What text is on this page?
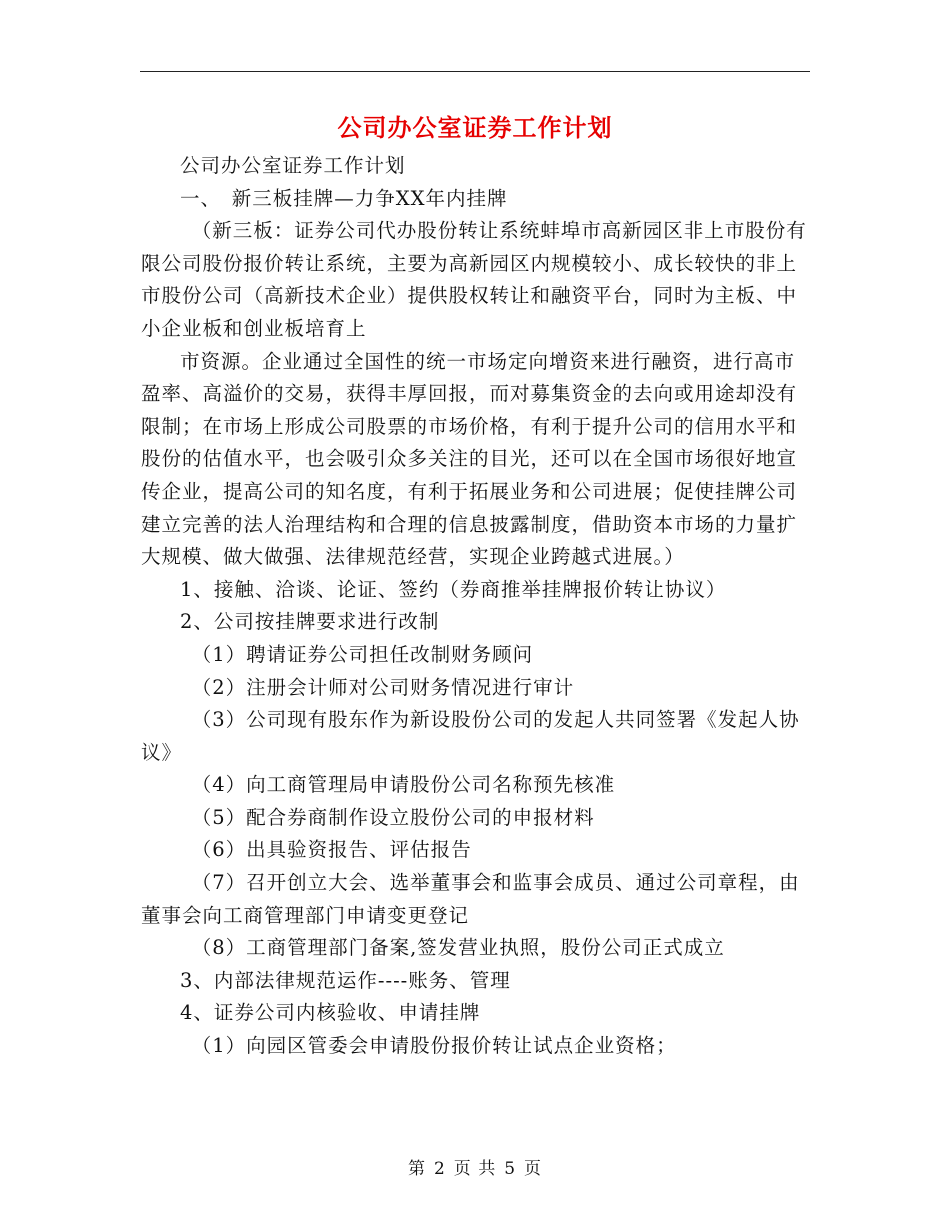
公司办公室证券工作计划

公司办公室证券工作计划

一、　新三板挂牌—力争XX年内挂牌

（新三板：证券公司代办股份转让系统蚌埠市高新园区非上市股份有限公司股份报价转让系统，主要为高新园区内规模较小、成长较快的非上市股份公司（高新技术企业）提供股权转让和融资平台，同时为主板、中小企业板和创业板培育上

市资源。企业通过全国性的统一市场定向增资来进行融资，进行高市盈率、高溢价的交易，获得丰厚回报，而对募集资金的去向或用途却没有限制；在市场上形成公司股票的市场价格，有利于提升公司的信用水平和股份的估值水平，也会吸引众多关注的目光，还可以在全国市场很好地宣传企业，提高公司的知名度，有利于拓展业务和公司进展；促使挂牌公司建立完善的法人治理结构和合理的信息披露制度，借助资本市场的力量扩大规模、做大做强、法律规范经营，实现企业跨越式进展。）

1、接触、洽谈、论证、签约（券商推举挂牌报价转让协议）

2、公司按挂牌要求进行改制

（1）聘请证券公司担任改制财务顾问

（2）注册会计师对公司财务情况进行审计

（3）公司现有股东作为新设股份公司的发起人共同签署《发起人协议》

（4）向工商管理局申请股份公司名称预先核准

（5）配合券商制作设立股份公司的申报材料

（6）出具验资报告、评估报告

（7）召开创立大会、选举董事会和监事会成员、通过公司章程，由董事会向工商管理部门申请变更登记

（8）工商管理部门备案,签发营业执照，股份公司正式成立

3、内部法律规范运作----账务、管理

4、证券公司内核验收、申请挂牌

（1）向园区管委会申请股份报价转让试点企业资格；

第 2 页 共 5 页
